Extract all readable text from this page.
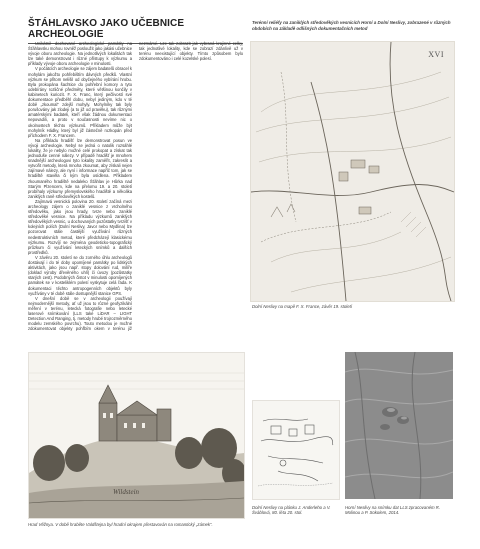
ŠTÁHLAVSKO JAKO UČEBNICE ARCHEOLOGIE

Unikátně dochované archeologické památky na Šťáhlavsku mohou rovněž posloužit jako jakási učebnice vývoje oboru archeologie. Na jednotlivých lokalitách tak lze také demonstrovat i různé přístupy k výzkumu a příklady vývoje oboru archeologie v minulosti.

V počátcích archeologie se zájem badatelů obracel k mohylám jakožto pohřebištím dávných předků. Vlastní výzkum se přitom nelišil od obyčejného vybírání hrobu. Byla prokopána šachtice do pohřební komory a tyto odebírány rozličné předměty, které většinou končily v kabinetech kuriozit. F. X. Franc, který pečlivostí své dokumentace předběhl dobu, nebyl jediným, kdo v té době „zkoumal“ zdejší mohyly. Mohylníky tak byly porušovány jak zlodeji (a to již od pravěku), tak různými amatérskými badateli, kteří však žádnou dokumentaci nepovadili, a proto v současnosti nevíme nic o okolnostech těchto výzkumů. Příkladem může být mohylník Hádky, který byl již částečně rozkopán před příchodem F. X. Francem.

Na příkladu hradišť lze demonstrovat posun ve vývoji archeologie. Nebyl se jedná o natolik rozsáhlé lokality, že je nebylo možné celé prokopat a získat tak jednoduše cenné nálezy. V případě hradišť je mnohem snadnější archeologovi tyto lokality zaměřit, zakreslit a vytvořit metody, která mnoha zkoumat, aby získali nejen zajímavé nálezy, ale nyní i informace napříč tom, jak se hradiště stavěla či kým byla osídlena. Příkladem zkoumaného hradiště nedaleko Šťáhlav je Hůrka nad Starým Plzencem, kde na přelomu 19. a 20. století probíhaly výzkumy přemyslovského hradiště a několika zaniklých raně středověkých kostelů.

Zajímavá vesnická polovina 20. století začíná mezi archeology zájem o zaniklé vesnice z vrcholného středověku, jako jsou hrady, tvrze nebo zaniklé středověké vesnice. Na příkladu výzkumů zaniklých středověkých vesnic, u dochovaných pozůstatky tvrzišť v kolejních polích (Dolní Neslivy, Javor nebo Mydlina) lze pozorovat stále častější využívání různých nedestruktivních metod, které předcházejí klasickému výzkumu. Rozvíjí se zejména geodeticko-topografický průzkum či využívání leteckých snímků a dalších prostředků.

V závěru 20. století se do zorného úhlu archeologů dostávají i do té doby opomíjené památky po lidských aktivitách, jako jsou např. stopy dolování rud, milíře (doklad výroby dřevěného uhlí) či úvozy (pozůstatky starých cest). Podobných čistot v minulosti opomíjených památek se v kosteliklém polesí vyskytuje celá řada. K dokumentaci těchto antropogenních objektů byly využívány v té době stále dostupnější stanice GPS.

V dnešní době se v archeologii používají nejmodernější metody, ať už jsou to různé geofyzikální měření v terénu, letecká fotografie nebo letecké laserové snímkování (LLS také LiDAR – LIGHT Detection And Ranging, tj. metody hrubé trojrozměrného modelu zemského povrchu). Touto metodou je možné zdokumentovat objekty pohřbím okem v terénu již nezmámé. Lze tak zobrazit jak vybraná krajinné celky, tak jednotlivé lokality, kde se zobrazí zdánlivě už v terénu neexistující objekty. Tímto způsobem bylo zdokumentováno i celé kozelské polesí.

Terénní reliéfy na zaniklých středověkých vesnicích Horní a Dolní Neslivy, zobrazené v různých obdobích na základě odlišných dokumentačních metod
XVI
Dolní Neslivy na mapě F. X. France, závěr 19. století
Wildstein
Hrad Věžnya. V době hraběte Valdštejna byl hradní okrajem přestavován na romantický „zámek“.
Dolní Neslivy na plánku J. Anderleho a V. Šváblová, 80. léta 20. stol.
Horní Neslivy na snímku dat LLS zpracovaném R. Molinou a P. Sokolem, 2014.
